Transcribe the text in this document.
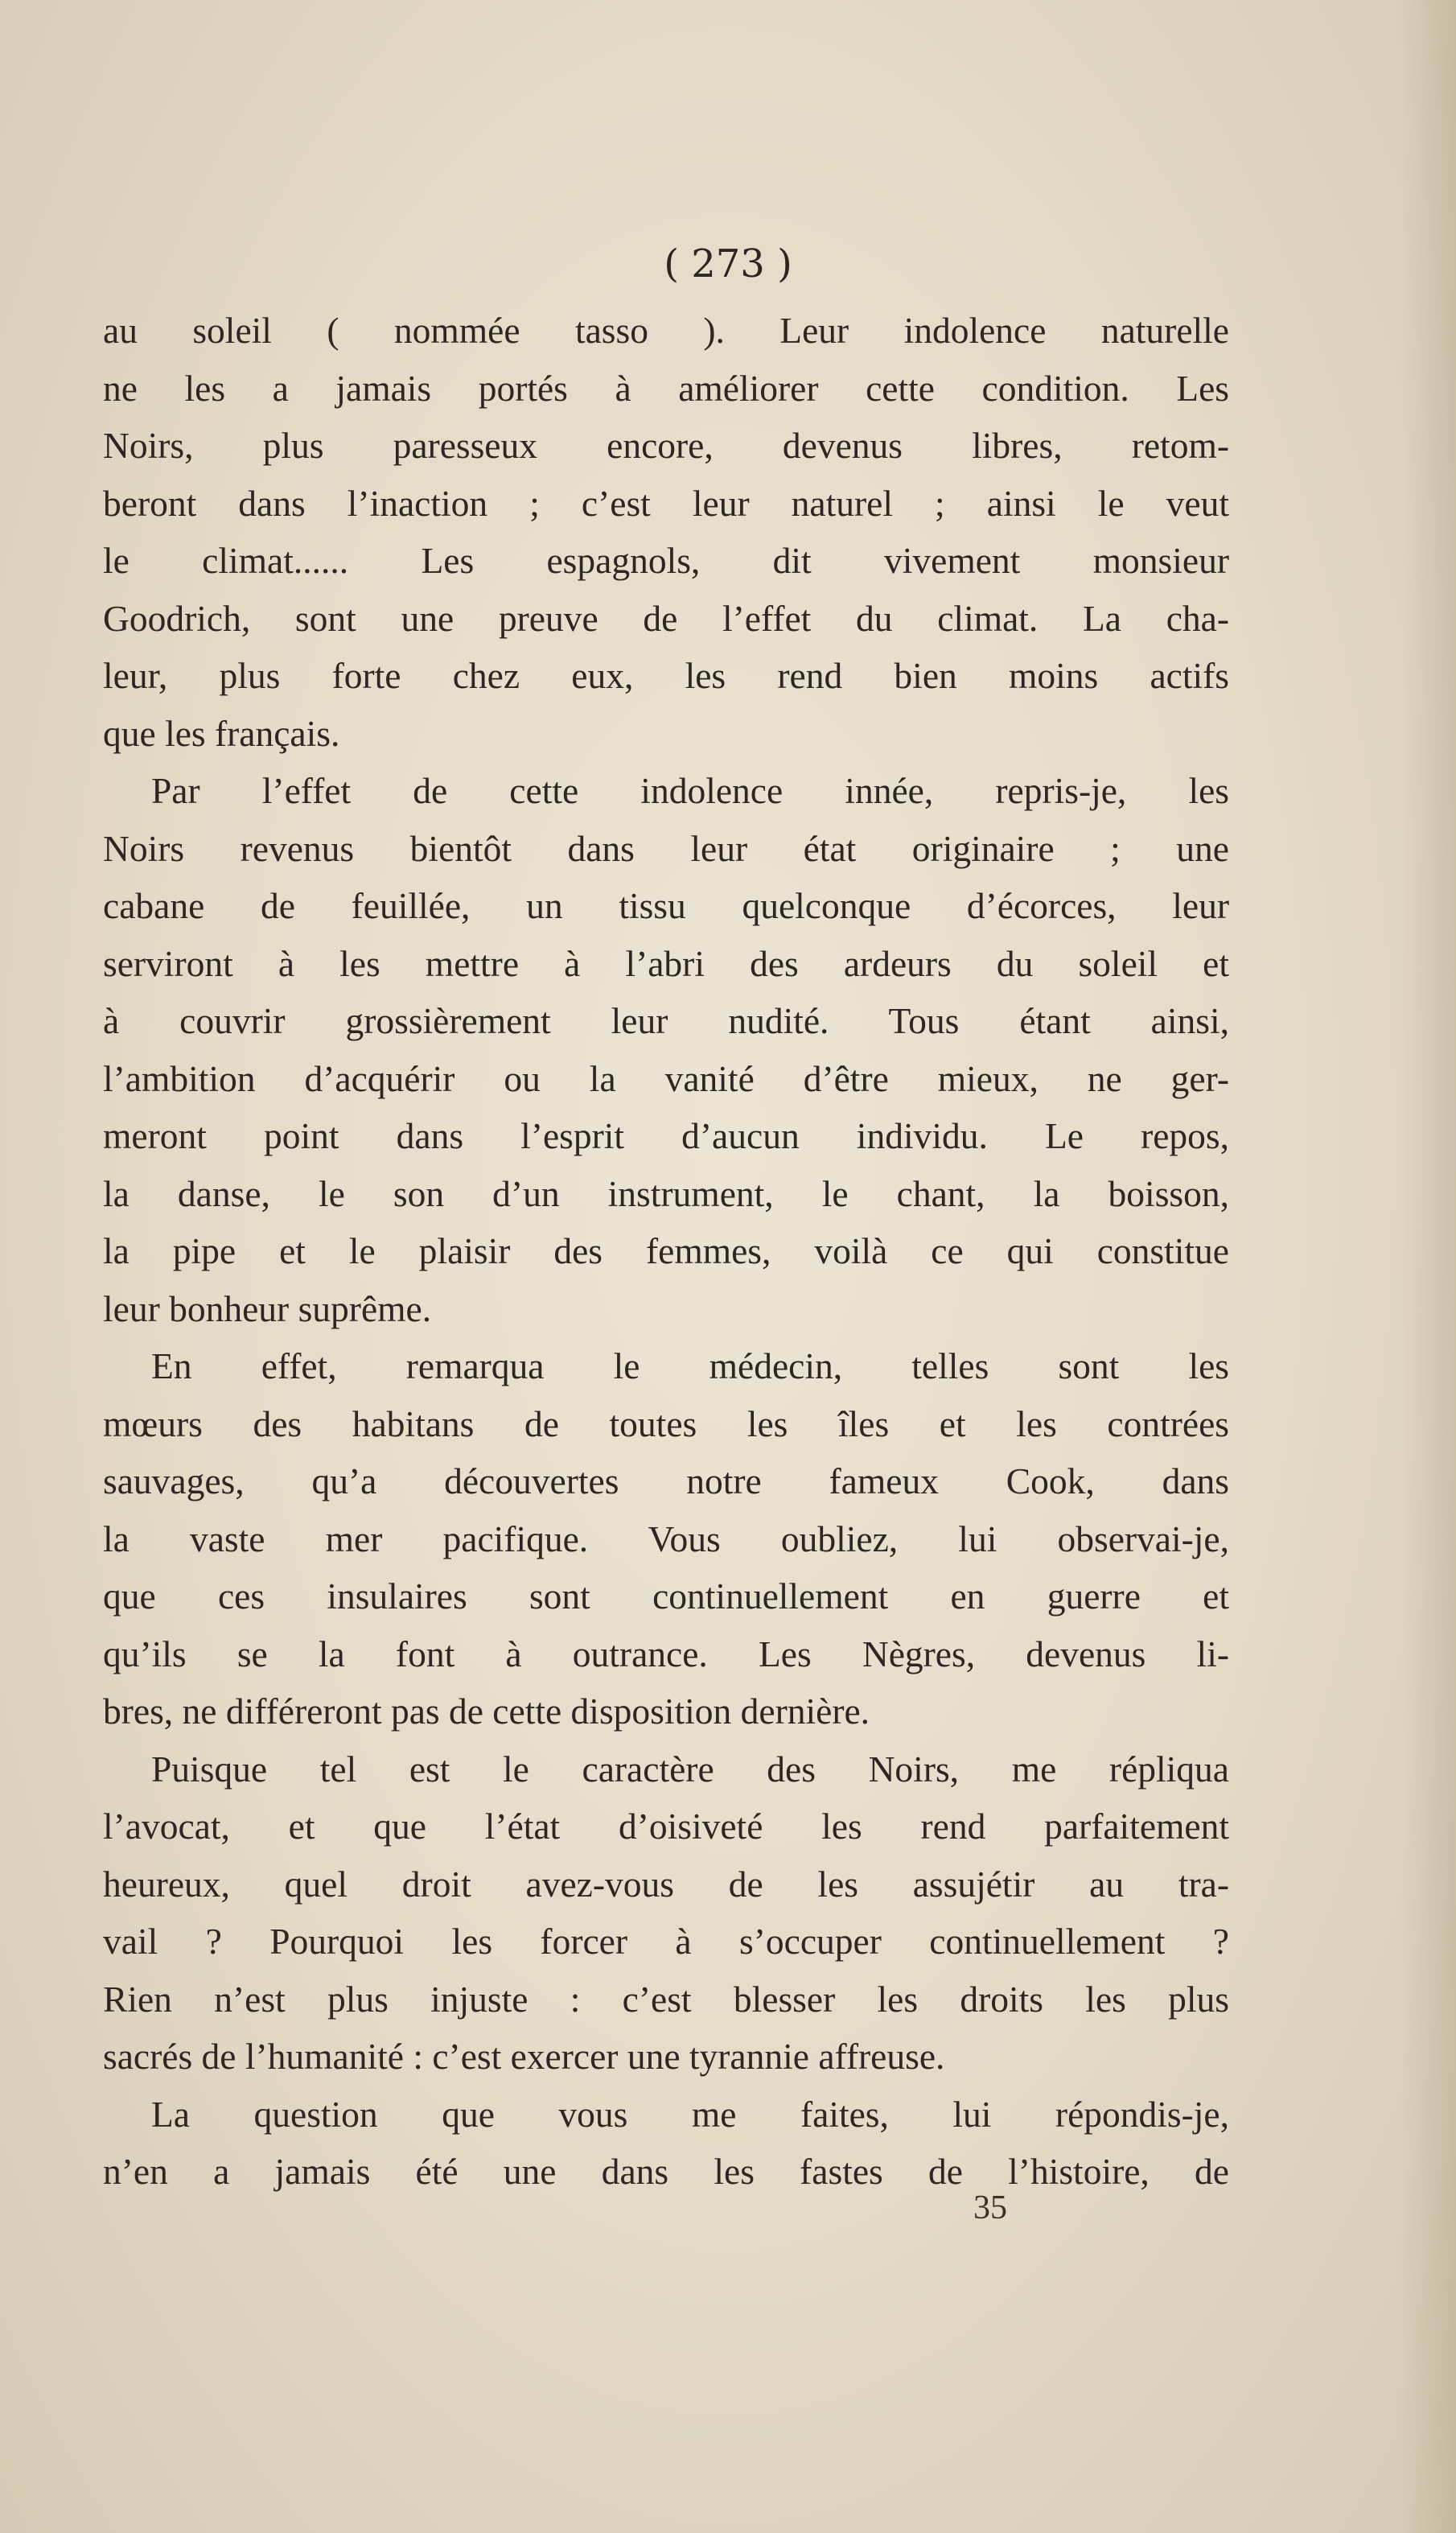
( 273 )
au soleil ( nommée tasso ). Leur indolence naturelle
ne les a jamais portés à améliorer cette condition. Les
Noirs, plus paresseux encore, devenus libres, retom-
beront dans l’inaction ; c’est leur naturel ; ainsi le veut
le climat...... Les espagnols, dit vivement monsieur
Goodrich, sont une preuve de l’effet du climat. La cha-
leur, plus forte chez eux, les rend bien moins actifs
que les français.
Par l’effet de cette indolence innée, repris-je, les
Noirs revenus bientôt dans leur état originaire ; une
cabane de feuillée, un tissu quelconque d’écorces, leur
serviront à les mettre à l’abri des ardeurs du soleil et
à couvrir grossièrement leur nudité. Tous étant ainsi,
l’ambition d’acquérir ou la vanité d’être mieux, ne ger-
meront point dans l’esprit d’aucun individu. Le repos,
la danse, le son d’un instrument, le chant, la boisson,
la pipe et le plaisir des femmes, voilà ce qui constitue
leur bonheur suprême.
En effet, remarqua le médecin, telles sont les
mœurs des habitans de toutes les îles et les contrées
sauvages, qu’a découvertes notre fameux Cook, dans
la vaste mer pacifique. Vous oubliez, lui observai-je,
que ces insulaires sont continuellement en guerre et
qu’ils se la font à outrance. Les Nègres, devenus li-
bres, ne différeront pas de cette disposition dernière.
Puisque tel est le caractère des Noirs, me répliqua
l’avocat, et que l’état d’oisiveté les rend parfaitement
heureux, quel droit avez-vous de les assujétir au tra-
vail ? Pourquoi les forcer à s’occuper continuellement ?
Rien n’est plus injuste : c’est blesser les droits les plus
sacrés de l’humanité : c’est exercer une tyrannie affreuse.
La question que vous me faites, lui répondis-je,
n’en a jamais été une dans les fastes de l’histoire, de
35
